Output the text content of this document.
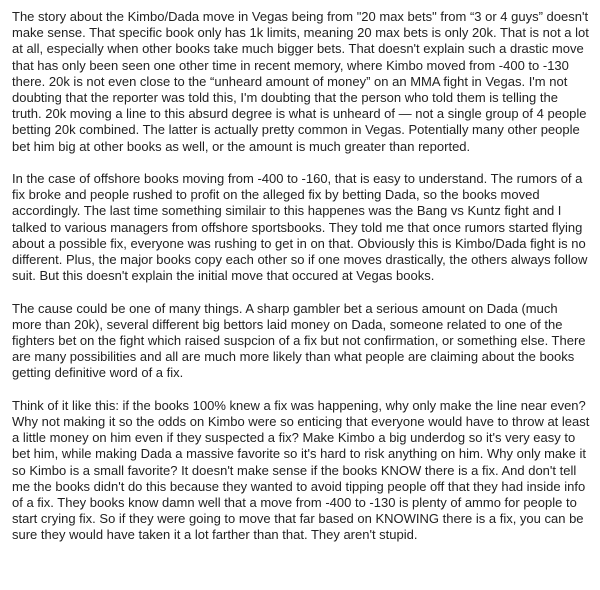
The story about the Kimbo/Dada move in Vegas being from "20 max bets" from “3 or 4 guys” doesn't make sense. That specific book only has 1k limits, meaning 20 max bets is only 20k. That is not a lot at all, especially when other books take much bigger bets. That doesn't explain such a drastic move that has only been seen one other time in recent memory, where Kimbo moved from -400 to -130 there. 20k is not even close to the “unheard amount of money” on an MMA fight in Vegas. I'm not doubting that the reporter was told this, I'm doubting that the person who told them is telling the truth. 20k moving a line to this absurd degree is what is unheard of — not a single group of 4 people betting 20k combined. The latter is actually pretty common in Vegas. Potentially many other people bet him big at other books as well, or the amount is much greater than reported.

In the case of offshore books moving from -400 to -160, that is easy to understand. The rumors of a fix broke and people rushed to profit on the alleged fix by betting Dada, so the books moved accordingly. The last time something similair to this happenes was the Bang vs Kuntz fight and I talked to various managers from offshore sportsbooks. They told me that once rumors started flying about a possible fix, everyone was rushing to get in on that. Obviously this is Kimbo/Dada fight is no different. Plus, the major books copy each other so if one moves drastically, the others always follow suit. But this doesn't explain the initial move that occured at Vegas books.

The cause could be one of many things. A sharp gambler bet a serious amount on Dada (much more than 20k), several different big bettors laid money on Dada, someone related to one of the fighters bet on the fight which raised suspcion of a fix but not confirmation, or something else. There are many possibilities and all are much more likely than what people are claiming about the books getting definitive word of a fix.

Think of it like this: if the books 100% knew a fix was happening, why only make the line near even? Why not making it so the odds on Kimbo were so enticing that everyone would have to throw at least a little money on him even if they suspected a fix? Make Kimbo a big underdog so it's very easy to bet him, while making Dada a massive favorite so it's hard to risk anything on him. Why only make it so Kimbo is a small favorite? It doesn't make sense if the books KNOW there is a fix. And don't tell me the books didn't do this because they wanted to avoid tipping people off that they had inside info of a fix. They books know damn well that a move from -400 to -130 is plenty of ammo for people to start crying fix. So if they were going to move that far based on KNOWING there is a fix, you can be sure they would have taken it a lot farther than that. They aren't stupid.
